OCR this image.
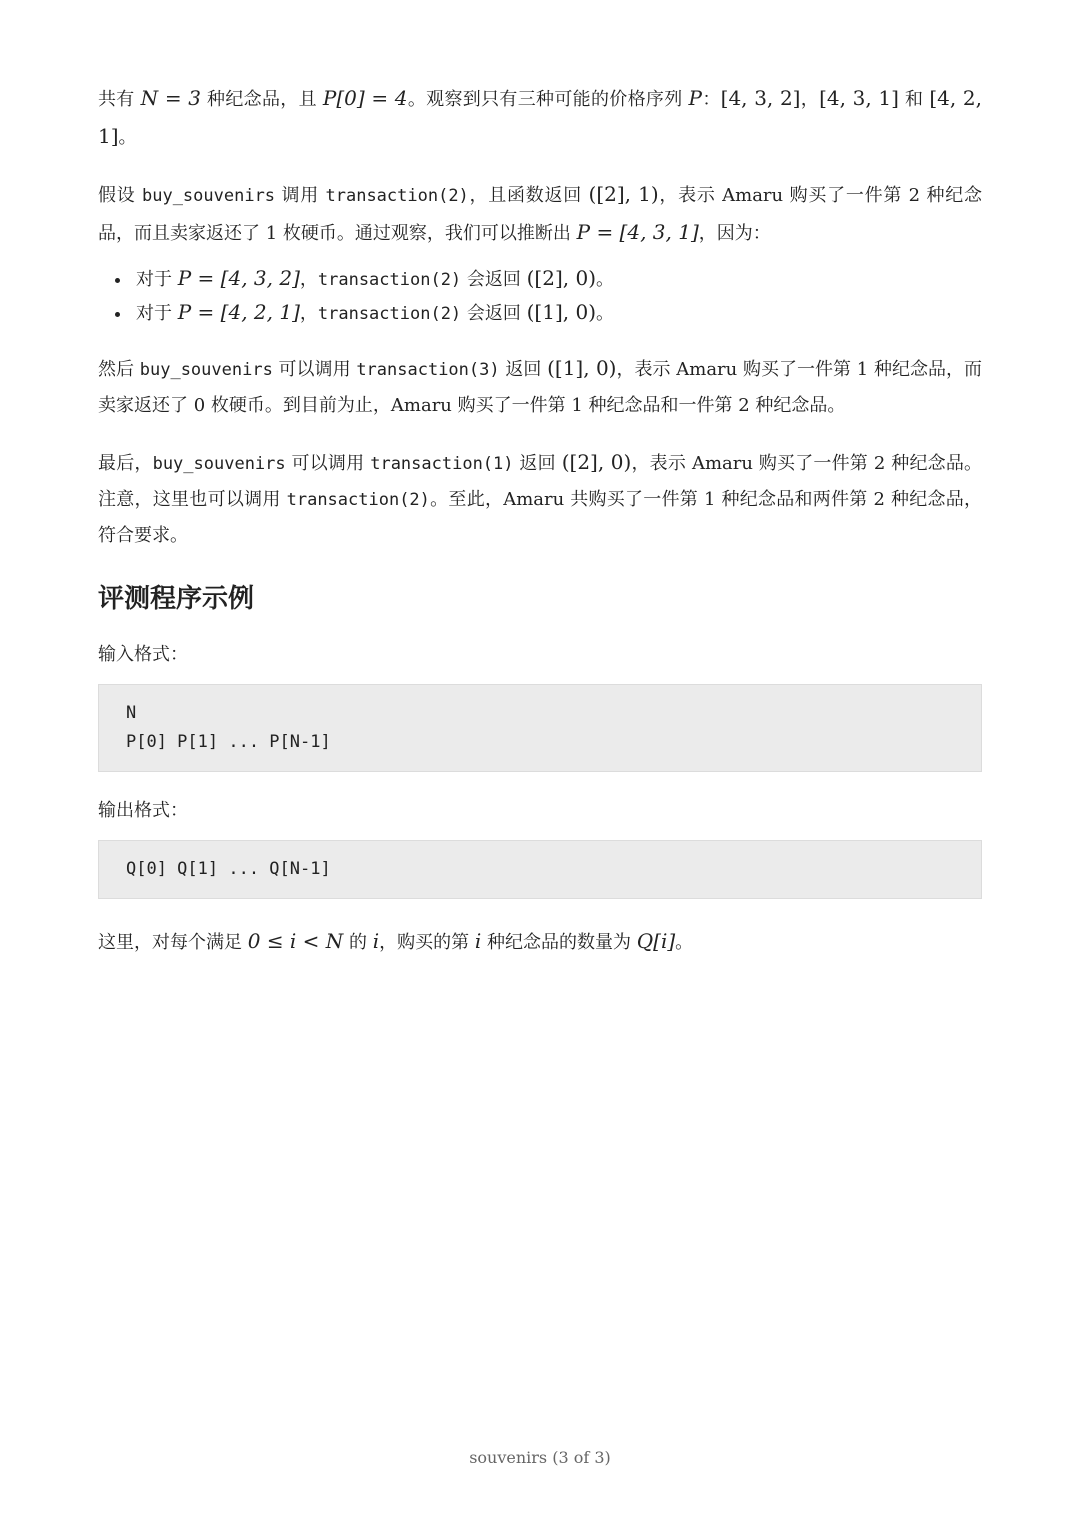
共有 N = 3 种纪念品，且 P[0] = 4。观察到只有三种可能的价格序列 P：[4, 3, 2]，[4, 3, 1] 和 [4, 2, 1]。

假设 buy_souvenirs 调用 transaction(2)，且函数返回 ([2], 1)，表示 Amaru 购买了一件第 2 种纪念品，而且卖家返还了 1 枚硬币。通过观察，我们可以推断出 P = [4, 3, 1]，因为：

• 对于 P = [4, 3, 2]，transaction(2) 会返回 ([2], 0)。
• 对于 P = [4, 2, 1]，transaction(2) 会返回 ([1], 0)。

然后 buy_souvenirs 可以调用 transaction(3) 返回 ([1], 0)，表示 Amaru 购买了一件第 1 种纪念品，而卖家返还了 0 枚硬币。到目前为止，Amaru 购买了一件第 1 种纪念品和一件第 2 种纪念品。

最后，buy_souvenirs 可以调用 transaction(1) 返回 ([2], 0)，表示 Amaru 购买了一件第 2 种纪念品。注意，这里也可以调用 transaction(2)。至此，Amaru 共购买了一件第 1 种纪念品和两件第 2 种纪念品，符合要求。

评测程序示例
输入格式：
N
P[0] P[1] ... P[N-1]
输出格式：
Q[0] Q[1] ... Q[N-1]

这里，对每个满足 0 ≤ i < N 的 i，购买的第 i 种纪念品的数量为 Q[i]。

souvenirs (3 of 3)
